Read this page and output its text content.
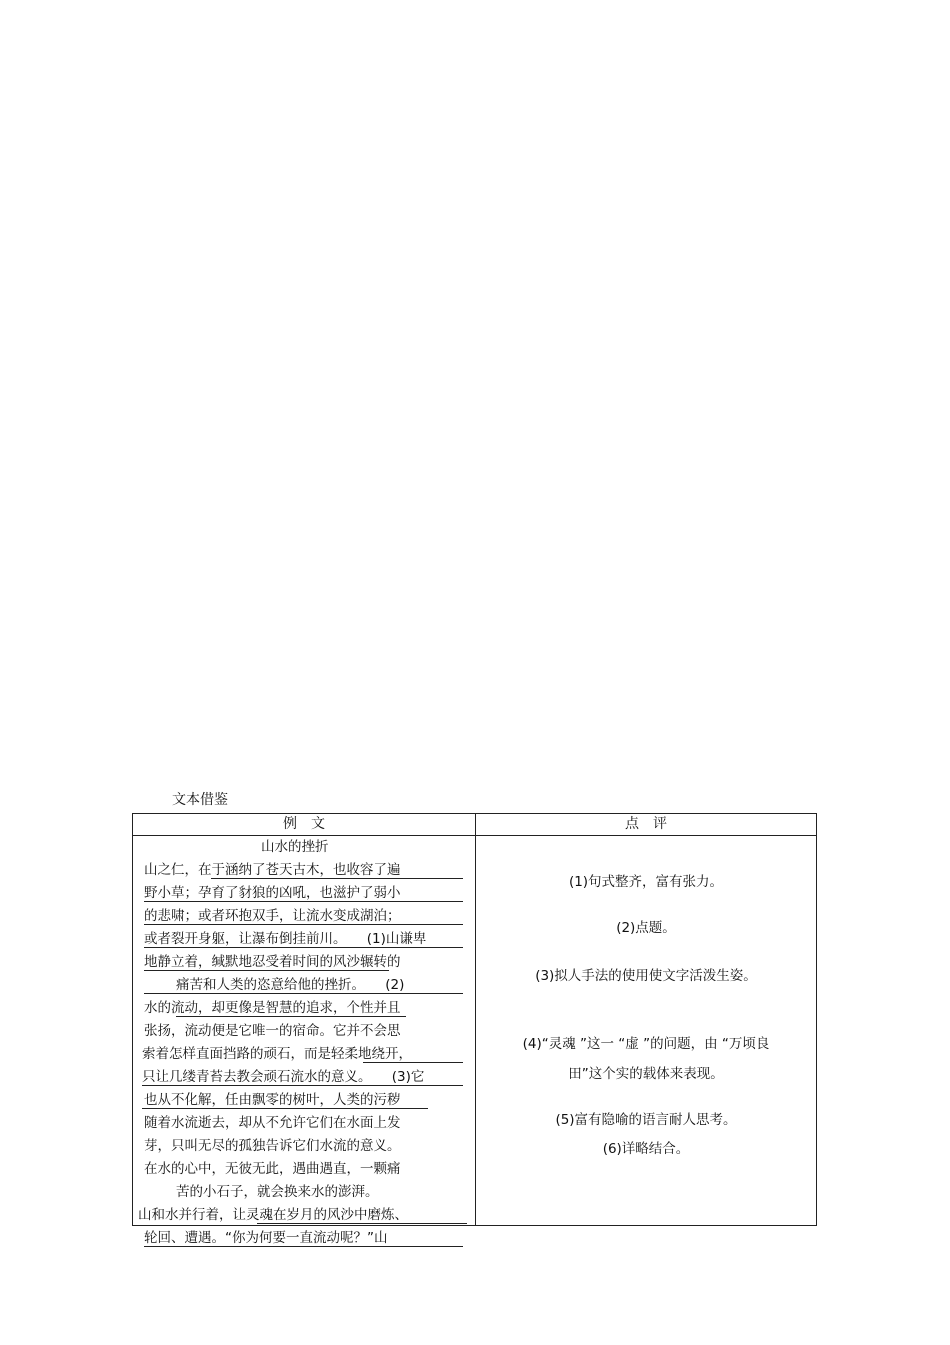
文本借鉴
例　文	点　评
山水的挫折
山之仁，在于涵纳了苍天古木，也收容了遍
野小草；孕育了豺狼的凶吼，也滋护了弱小
的悲啸；或者环抱双手，让流水变成湖泊；
或者裂开身躯，让瀑布倒挂前川。　　(1)山谦卑
地静立着，缄默地忍受着时间的风沙辗转的
痛苦和人类的恣意给他的挫折。　　(2)
水的流动，却更像是智慧的追求，个性并且
张扬，流动便是它唯一的宿命。它并不会思
索着怎样直面挡路的顽石，而是轻柔地绕开，
只让几缕青苔去教会顽石流水的意义。　　(3)它
也从不化解，任由飘零的树叶，人类的污秽
随着水流逝去，却从不允许它们在水面上发
芽，只叫无尽的孤独告诉它们水流的意义。
在水的心中，无彼无此，遇曲遇直，一颗痛
苦的小石子，就会换来水的澎湃。
山和水并行着，让灵魂在岁月的风沙中磨炼、
轮回、遭遇。“你为何要一直流动呢？”山
(1)句式整齐，富有张力。
(2)点题。
(3)拟人手法的使用使文字活泼生姿。
(4)“灵魂 ”这一 “虚 ”的问题，由 “万顷良
田”这个实的载体来表现。
(5)富有隐喻的语言耐人思考。
(6)详略结合。
